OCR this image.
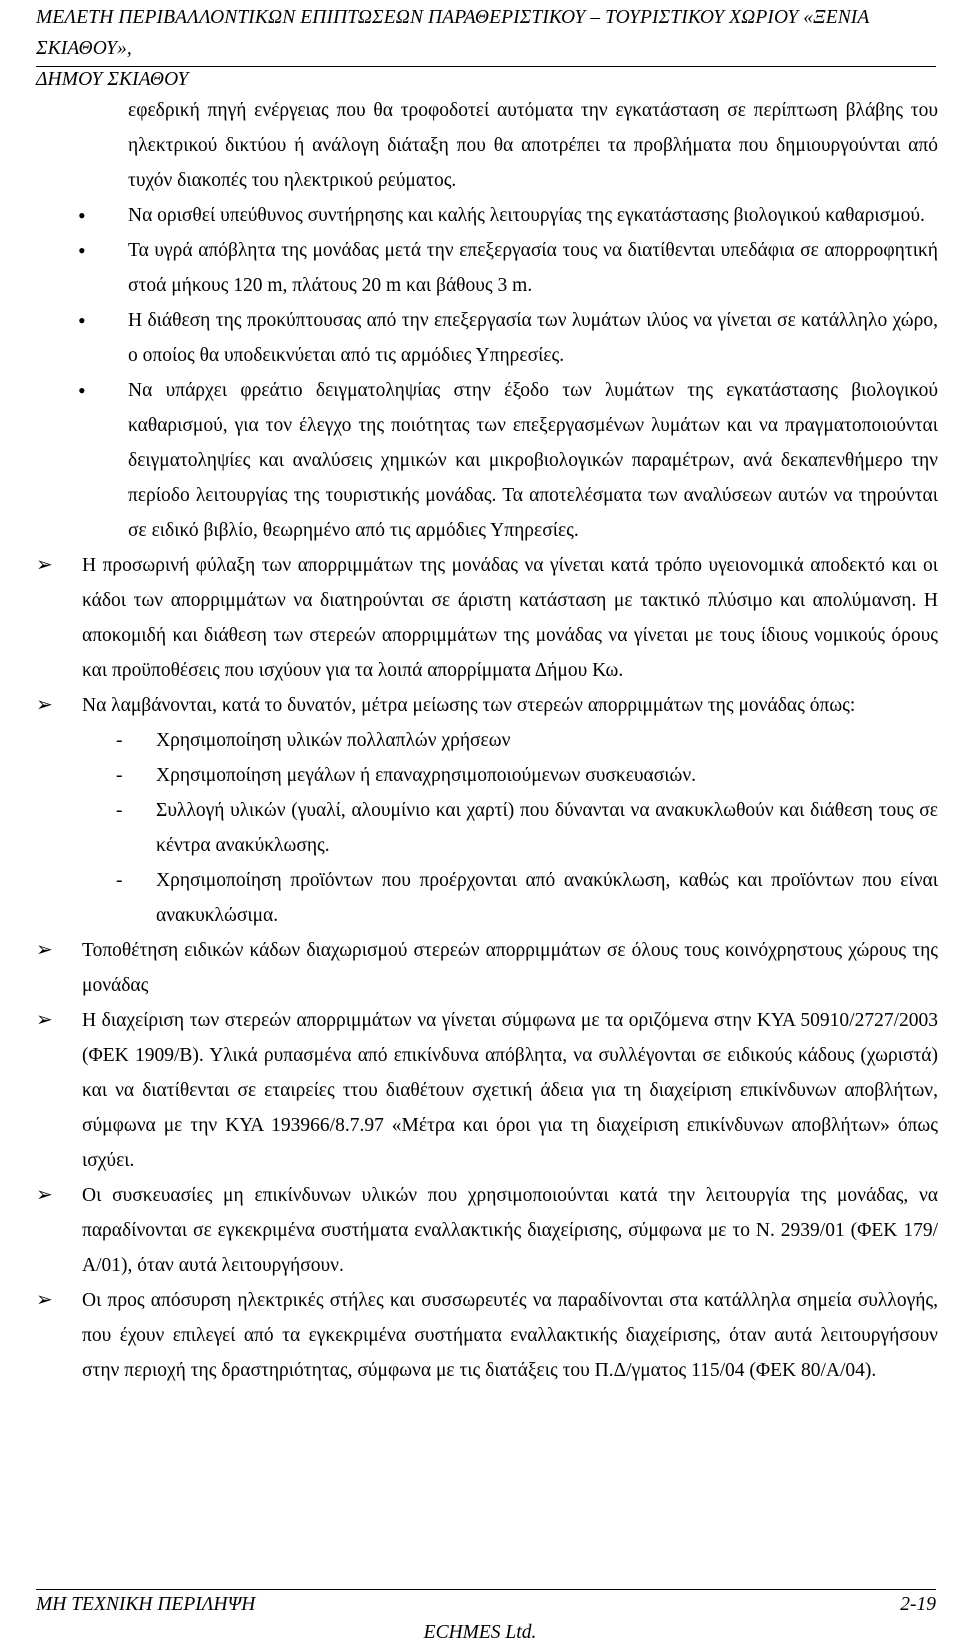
ΜΕΛΕΤΗ ΠΕΡΙΒΑΛΛΟΝΤΙΚΩΝ ΕΠΙΠΤΩΣΕΩΝ ΠΑΡΑΘΕΡΙΣΤΙΚΟΥ – ΤΟΥΡΙΣΤΙΚΟΥ ΧΩΡΙΟΥ «ΞΕΝΙΑ ΣΚΙΑΘΟΥ»,
ΔΗΜΟΥ ΣΚΙΑΘΟΥ

εφεδρική πηγή ενέργειας που θα τροφοδοτεί αυτόματα την εγκατάσταση σε περίπτωση βλάβης του ηλεκτρικού δικτύου ή ανάλογη διάταξη που θα αποτρέπει τα προβλήματα που δημιουργούνται από τυχόν διακοπές του ηλεκτρικού ρεύματος.

• Να ορισθεί υπεύθυνος συντήρησης και καλής λειτουργίας της εγκατάστασης βιολογικού καθαρισμού.

• Τα υγρά απόβλητα της μονάδας μετά την επεξεργασία τους να διατίθενται υπεδάφια σε απορροφητική στοά μήκους 120 m, πλάτους 20 m και βάθους 3 m.

• Η διάθεση της προκύπτουσας από την επεξεργασία των λυμάτων ιλύος να γίνεται σε κατάλληλο χώρο, ο οποίος θα υποδεικνύεται από τις αρμόδιες Υπηρεσίες.

• Να υπάρχει φρεάτιο δειγματοληψίας στην έξοδο των λυμάτων της εγκατάστασης βιολογικού καθαρισμού, για τον έλεγχο της ποιότητας των επεξεργασμένων λυμάτων και να πραγματοποιούνται δειγματοληψίες και αναλύσεις χημικών και μικροβιολογικών παραμέτρων, ανά δεκαπενθήμερο την περίοδο λειτουργίας της τουριστικής μονάδας. Τα αποτελέσματα των αναλύσεων αυτών να τηρούνται σε ειδικό βιβλίο, θεωρημένο από τις αρμόδιες Υπηρεσίες.

➢ Η προσωρινή φύλαξη των απορριμμάτων της μονάδας να γίνεται κατά τρόπο υγειονομικά αποδεκτό και οι κάδοι των απορριμμάτων να διατηρούνται σε άριστη κατάσταση με τακτικό πλύσιμο και απολύμανση. Η αποκομιδή και διάθεση των στερεών απορριμμάτων της μονάδας να γίνεται με τους ίδιους νομικούς όρους και προϋποθέσεις που ισχύουν για τα λοιπά απορρίμματα Δήμου Κω.

➢ Να λαμβάνονται, κατά το δυνατόν, μέτρα μείωσης των στερεών απορριμμάτων της μονάδας όπως:

- Χρησιμοποίηση υλικών πολλαπλών χρήσεων

- Χρησιμοποίηση μεγάλων ή επαναχρησιμοποιούμενων συσκευασιών.

- Συλλογή υλικών (γυαλί, αλουμίνιο και χαρτί) που δύνανται να ανακυκλωθούν και διάθεση τους σε κέντρα ανακύκλωσης.

- Χρησιμοποίηση προϊόντων που προέρχονται από ανακύκλωση, καθώς και προϊόντων που είναι ανακυκλώσιμα.

➢ Τοποθέτηση ειδικών κάδων διαχωρισμού στερεών απορριμμάτων σε όλους τους κοινόχρηστους χώρους της μονάδας

➢ Η διαχείριση των στερεών απορριμμάτων να γίνεται σύμφωνα με τα οριζόμενα στην ΚΥΑ 50910/2727/2003 (ΦΕΚ 1909/Β). Υλικά ρυπασμένα από επικίνδυνα απόβλητα, να συλλέγονται σε ειδικούς κάδους (χωριστά) και να διατίθενται σε εταιρείες ττου διαθέτουν σχετική άδεια για τη διαχείριση επικίνδυνων αποβλήτων, σύμφωνα με την ΚΥΑ 193966/8.7.97 «Μέτρα και όροι για τη διαχείριση επικίνδυνων αποβλήτων» όπως ισχύει.

➢ Οι συσκευασίες μη επικίνδυνων υλικών που χρησιμοποιούνται κατά την λειτουργία της μονάδας, να παραδίνονται σε εγκεκριμένα συστήματα εναλλακτικής διαχείρισης, σύμφωνα με το Ν. 2939/01 (ΦΕΚ 179/Α/01), όταν αυτά λειτουργήσουν.

➢ Οι προς απόσυρση ηλεκτρικές στήλες και συσσωρευτές να παραδίνονται στα κατάλληλα σημεία συλλογής, που έχουν επιλεγεί από τα εγκεκριμένα συστήματα εναλλακτικής διαχείρισης, όταν αυτά λειτουργήσουν στην περιοχή της δραστηριότητας, σύμφωνα με τις διατάξεις του Π.Δ/γματος 115/04 (ΦΕΚ 80/Α/04).

ΜΗ ΤΕΧΝΙΚΗ ΠΕΡΙΛΗΨΗ	2-19
ECHMES Ltd.
